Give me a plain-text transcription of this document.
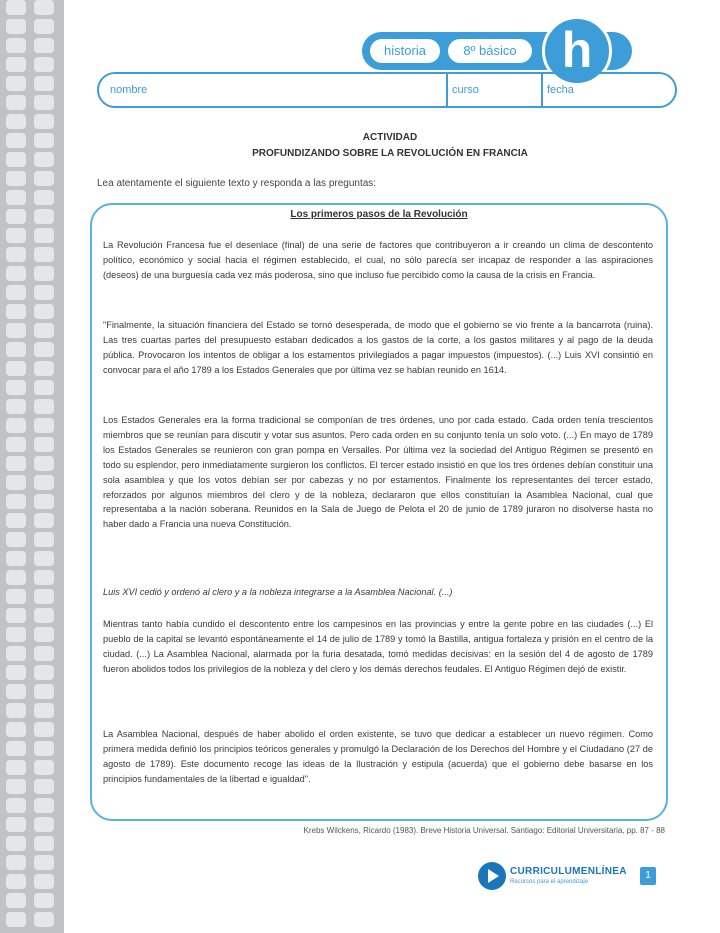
historia	8º básico h
nombre	curso	fecha
ACTIVIDAD
PROFUNDIZANDO SOBRE LA REVOLUCIÓN EN FRANCIA
Lea atentamente el siguiente texto y responda a las preguntas:
Los primeros pasos de la Revolución

La Revolución Francesa fue el desenlace (final) de una serie de factores que contribuyeron a ir creando un clima de descontento político, económico y social hacia el régimen establecido, el cual, no sólo parecía ser incapaz de responder a las aspiraciones (deseos) de una burguesía cada vez más poderosa, sino que incluso fue percibido como la causa de la crisis en Francia.

"Finalmente, la situación financiera del Estado se tornó desesperada, de modo que el gobierno se vio frente a la bancarrota (ruina). Las tres cuartas partes del presupuesto estaban dedicados a los gastos de la corte, a los gastos militares y al pago de la deuda pública. Provocaron los intentos de obligar a los estamentos privilegiados a pagar impuestos (impuestos). (...) Luis XVI consintió en convocar para el año 1789 a los Estados Generales que por última vez se habían reunido en 1614.

Los Estados Generales era la forma tradicional se componían de tres órdenes, uno por cada estado. Cada orden tenía trescientos miembros que se reunían para discutir y votar sus asuntos. Pero cada orden en su conjunto tenía un solo voto. (...) En mayo de 1789 los Estados Generales se reunieron con gran pompa en Versalles. Por última vez la sociedad del Antiguo Régimen se presentó en todo su esplendor, pero inmediatamente surgieron los conflictos. El tercer estado insistió en que los tres órdenes debían constituir una sola asamblea y que los votos debían ser por cabezas y no por estamentos. Finalmente los representantes del tercer estado, reforzados por algunos miembros del clero y de la nobleza, declararon que ellos constituían la Asamblea Nacional, cual que representaba a la nación soberana. Reunidos en la Sala de Juego de Pelota el 20 de junio de 1789 juraron no disolverse hasta no haber dado a Francia una nueva Constitución.

Luis XVI cedió y ordenó al clero y a la nobleza integrarse a la Asamblea Nacional. (...)

Mientras tanto había cundido el descontento entre los campesinos en las provincias y entre la gente pobre en las ciudades (...) El pueblo de la capital se levantó espontáneamente el 14 de julio de 1789 y tomó la Bastilla, antigua fortaleza y prisión en el centro de la ciudad. (...) La Asamblea Nacional, alarmada por la furia desatada, tomó medidas decisivas: en la sesión del 4 de agosto de 1789 fueron abolidos todos los privilegios de la nobleza y del clero y los demás derechos feudales. El Antiguo Régimen dejó de existir.

La Asamblea Nacional, después de haber abolido el orden existente, se tuvo que dedicar a establecer un nuevo régimen. Como primera medida definió los principios teóricos generales y promulgó la Declaración de los Derechos del Hombre y el Ciudadano (27 de agosto de 1789). Este documento recoge las ideas de la Ilustración y estipula (acuerda) que el gobierno debe basarse en los principios fundamentales de la libertad e igualdad".

Krebs Wilckens, Ricardo (1983). Breve Historia Universal. Santiago: Editorial Universitaria, pp. 87 - 88
CURRICULUMENLÍNEA
Recursos para el aprendizaje
1
